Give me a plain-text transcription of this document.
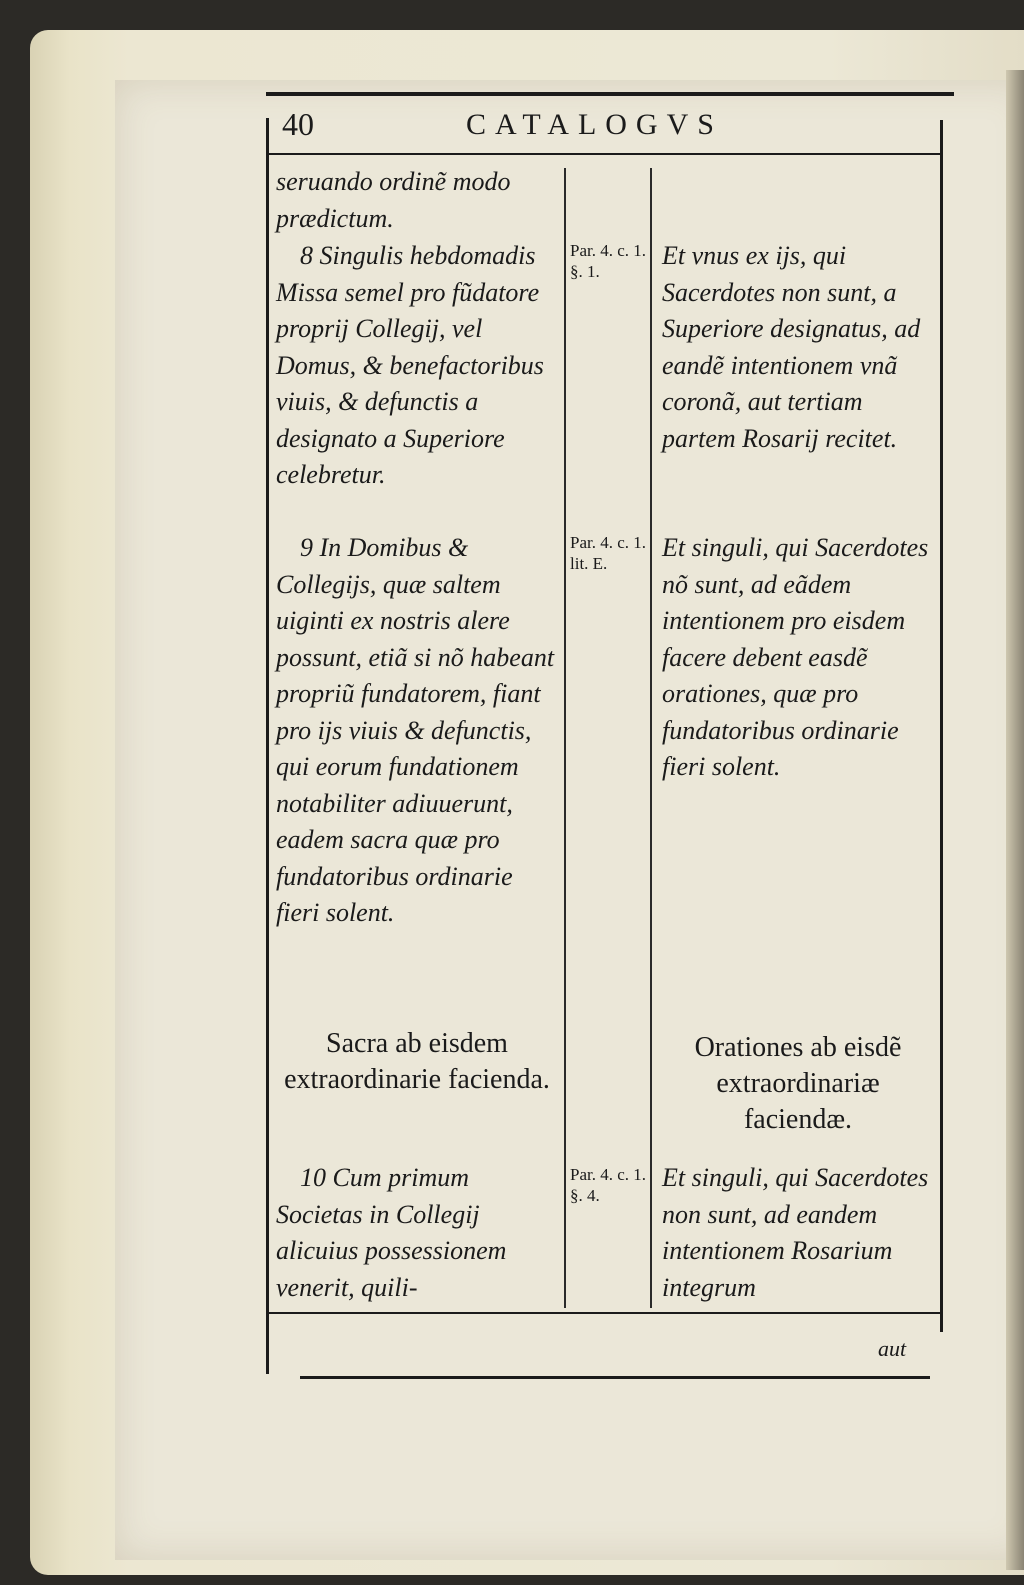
40	CATALOGVS
seruando ordinẽ modo prædictum.
8 Singulis hebdomadis Missa semel pro fũdatore proprij Collegij, vel Domus, & benefactoribus viuis, & defunctis a designato a Superiore celebretur.
9 In Domibus & Collegijs, quæ saltem uiginti ex nostris alere possunt, etiã si nõ habeant propriũ fundatorem, fiant pro ijs viuis & defunctis, qui eorum fundationem notabiliter adiuuerunt, eadem sacra quæ pro fundatoribus ordinarie fieri solent.
Sacra ab eisdem extraordinarie facienda.
10 Cum primum Societas in Collegij alicuius possessionem venerit, quili-
Par. 4. c. 1. §. 1.
Par. 4. c. 1. lit. E.
Par. 4. c. 1. §. 4.
Et vnus ex ijs, qui Sacerdotes non sunt, a Superiore designatus, ad eandẽ intentionem vnã coronã, aut tertiam partem Rosarij recitet.
Et singuli, qui Sacerdotes nõ sunt, ad eãdem intentionem pro eisdem facere debent easdẽ orationes, quæ pro fundatoribus ordinarie fieri solent.
Orationes ab eisdẽ extraordinariæ faciendæ.
Et singuli, qui Sacerdotes non sunt, ad eandem intentionem Rosarium integrum
aut
